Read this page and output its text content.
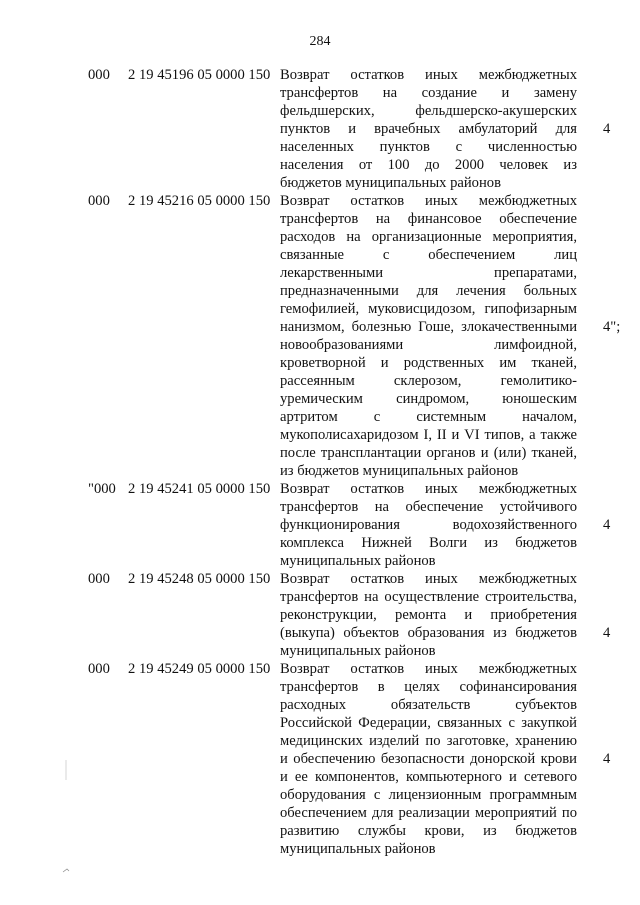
284
000	2 19 45196 05 0000 150 Возврат остатков иных межбюджетных
трансфертов на создание и замену
фельдшерских, фельдшерско-акушерских
пунктов и врачебных амбулаторий для
населенных пунктов с численностью
населения от 100 до 2000 человек из
бюджетов муниципальных районов
4
000	2 19 45216 05 0000 150 Возврат остатков иных межбюджетных
трансфертов на финансовое обеспечение
расходов на организационные мероприятия,
связанные с обеспечением лиц
лекарственными препаратами,
предназначенными для лечения больных
гемофилией, муковисцидозом, гипофизарным
нанизмом, болезнью Гоше, злокачественными
новообразованиями лимфоидной,
кроветворной и родственных им тканей,
рассеянным склерозом, гемолитико-
уремическим синдромом, юношеским
артритом с системным началом,
мукополисахаридозом I, II и VI типов, а также
после трансплантации органов и (или) тканей,
из бюджетов муниципальных районов
4";
"000 2 19 45241 05 0000 150 Возврат остатков иных межбюджетных
трансфертов на обеспечение устойчивого
функционирования водохозяйственного
комплекса Нижней Волги из бюджетов
муниципальных районов
4
000	2 19 45248 05 0000 150 Возврат остатков иных межбюджетных
трансфертов на осуществление строительства,
реконструкции, ремонта и приобретения
(выкупа) объектов образования из бюджетов
муниципальных районов
4
000	2 19 45249 05 0000 150 Возврат остатков иных межбюджетных
трансфертов в целях софинансирования
расходных обязательств субъектов
Российской Федерации, связанных с закупкой
медицинских изделий по заготовке, хранению
и обеспечению безопасности донорской крови
и ее компонентов, компьютерного и сетевого
оборудования с лицензионным программным
обеспечением для реализации мероприятий по
развитию службы крови, из бюджетов
муниципальных районов
4
